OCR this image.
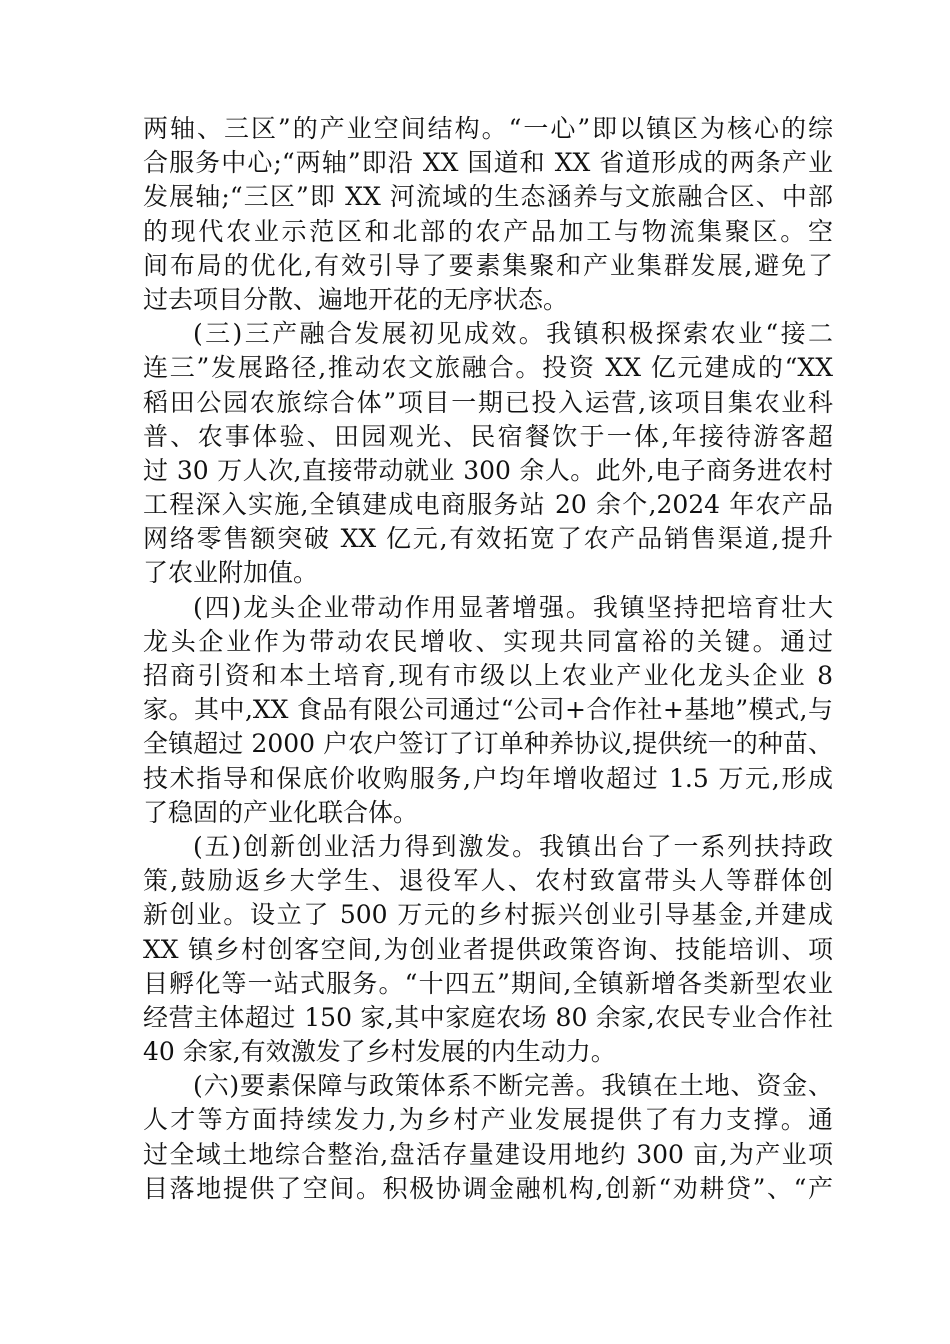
两轴、三区”的产业空间结构。“一心”即以镇区为核心的综
合服务中心;“两轴”即沿 XX 国道和 XX 省道形成的两条产业
发展轴;“三区”即 XX 河流域的生态涵养与文旅融合区、中部
的现代农业示范区和北部的农产品加工与物流集聚区。空
间布局的优化,有效引导了要素集聚和产业集群发展,避免了
过去项目分散、遍地开花的无序状态。
(三)三产融合发展初见成效。我镇积极探索农业“接二
连三”发展路径,推动农文旅融合。投资 XX 亿元建成的“XX
稻田公园农旅综合体”项目一期已投入运营,该项目集农业科
普、农事体验、田园观光、民宿餐饮于一体,年接待游客超
过 30 万人次,直接带动就业 300 余人。此外,电子商务进农村
工程深入实施,全镇建成电商服务站 20 余个,2024 年农产品
网络零售额突破 XX 亿元,有效拓宽了农产品销售渠道,提升
了农业附加值。
(四)龙头企业带动作用显著增强。我镇坚持把培育壮大
龙头企业作为带动农民增收、实现共同富裕的关键。通过
招商引资和本土培育,现有市级以上农业产业化龙头企业 8
家。其中,XX 食品有限公司通过“公司+合作社+基地”模式,与
全镇超过 2000 户农户签订了订单种养协议,提供统一的种苗、
技术指导和保底价收购服务,户均年增收超过 1.5 万元,形成
了稳固的产业化联合体。
(五)创新创业活力得到激发。我镇出台了一系列扶持政
策,鼓励返乡大学生、退役军人、农村致富带头人等群体创
新创业。设立了 500 万元的乡村振兴创业引导基金,并建成
XX 镇乡村创客空间,为创业者提供政策咨询、技能培训、项
目孵化等一站式服务。“十四五”期间,全镇新增各类新型农业
经营主体超过 150 家,其中家庭农场 80 余家,农民专业合作社
40 余家,有效激发了乡村发展的内生动力。
(六)要素保障与政策体系不断完善。我镇在土地、资金、
人才等方面持续发力,为乡村产业发展提供了有力支撑。通
过全域土地综合整治,盘活存量建设用地约 300 亩,为产业项
目落地提供了空间。积极协调金融机构,创新“劝耕贷”、“产
